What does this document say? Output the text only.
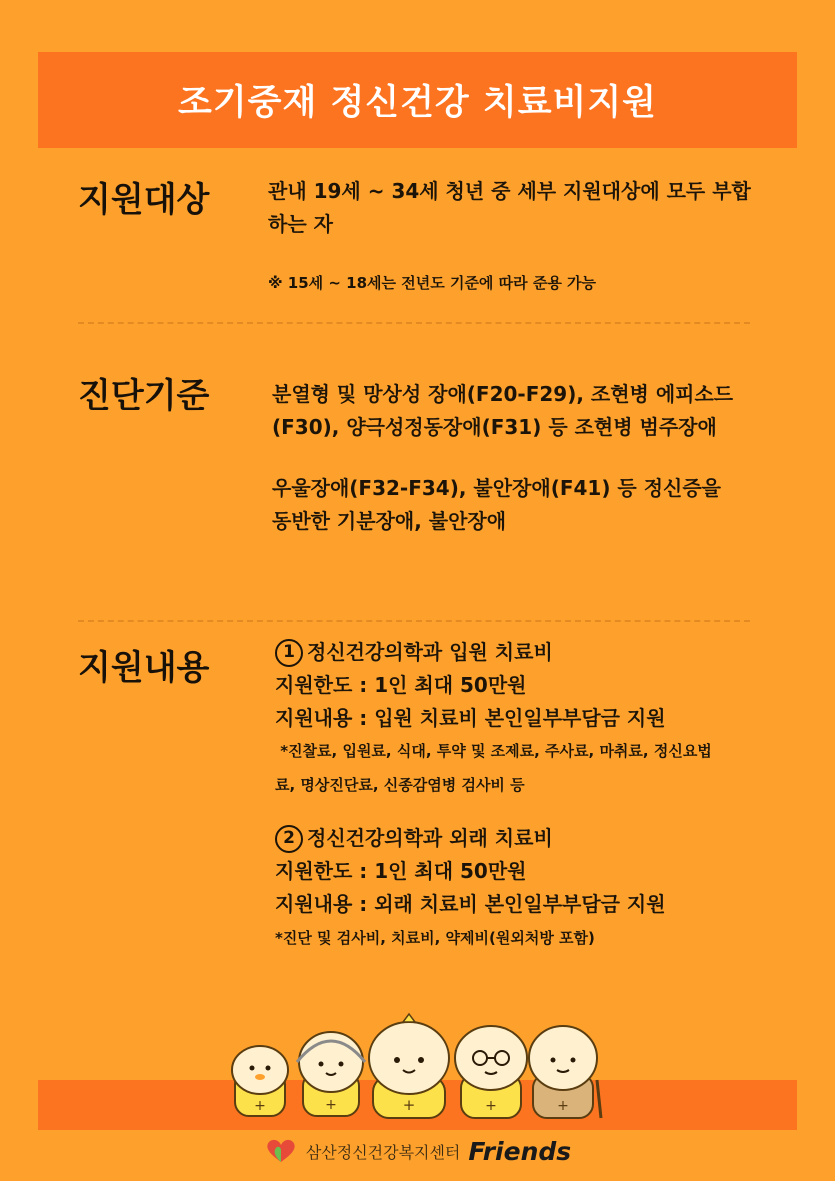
조기중재 정신건강 치료비지원
지원대상	관내 19세 ~ 34세 청년 중 세부 지원대상에 모두 부합
하는 자
※ 15세 ~ 18세는 전년도 기준에 따라 준용 가능
진단기준	분열형 및 망상성 장애(F20-F29), 조현병 에피소드
(F30), 양극성정동장애(F31) 등 조현병 범주장애
우울장애(F32-F34), 불안장애(F41) 등 정신증을
동반한 기분장애, 불안장애
지원내용	1 정신건강의학과 입원 치료비
지원한도 : 1인 최대 50만원
지원내용 : 입원 치료비 본인일부부담금 지원
*진찰료, 입원료, 식대, 투약 및 조제료, 주사료, 마취료, 정신요법
료, 명상진단료, 신종감염병 검사비 등
2 정신건강의학과 외래 치료비
지원한도 : 1인 최대 50만원
지원내용 : 외래 치료비 본인일부부담금 지원
*진단 및 검사비, 치료비, 약제비(원외처방 포함)
+	+	+	+	+
삼산정신건강복지센터 Friends
